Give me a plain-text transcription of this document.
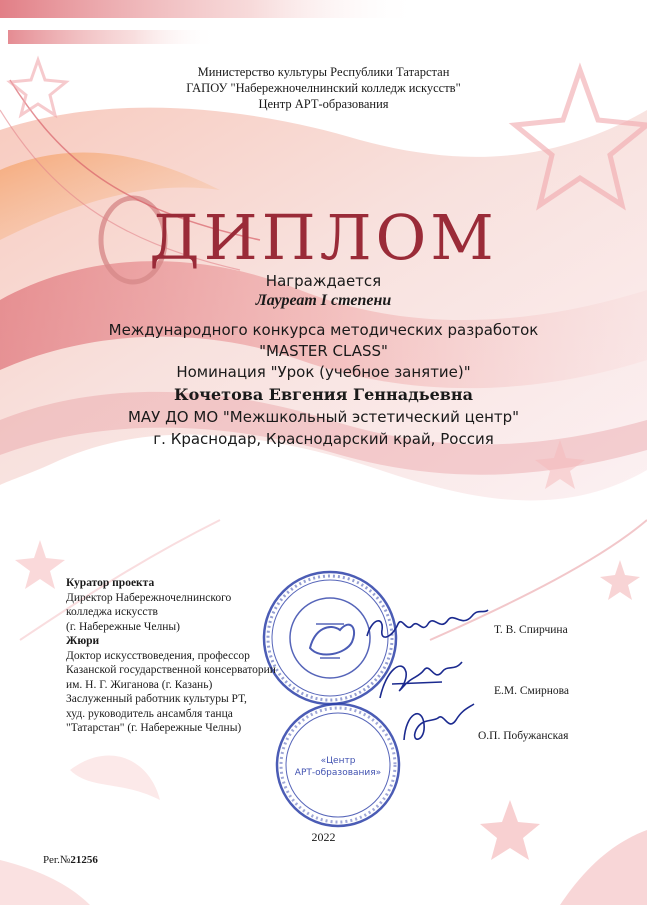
Министерство культуры Республики Татарстан
ГАПОУ "Набережночелнинский колледж искусств"
Центр АРТ-образования
ДИПЛОМ
Награждается
Лауреат I степени
Международного конкурса методических разработок
"MASTER CLASS"
Номинация "Урок (учебное занятие)"
Кочетова Евгения Геннадьевна
МАУ ДО МО "Межшкольный эстетический центр"
г. Краснодар, Краснодарский край, Россия
«Центр
АРТ-образования»
Куратор проекта
Директор Набережночелнинского
колледжа искусств
(г. Набережные Челны)
Жюри
Доктор искусствоведения, профессор
Казанской государственной консерватории
им. Н. Г. Жиганова (г. Казань)
Заслуженный работник культуры РТ,
худ. руководитель ансамбля танца
"Татарстан" (г. Набережные Челны)
Т. В. Спирчина
Е.М. Смирнова
О.П. Побужанская
2022
Рег.№21256
